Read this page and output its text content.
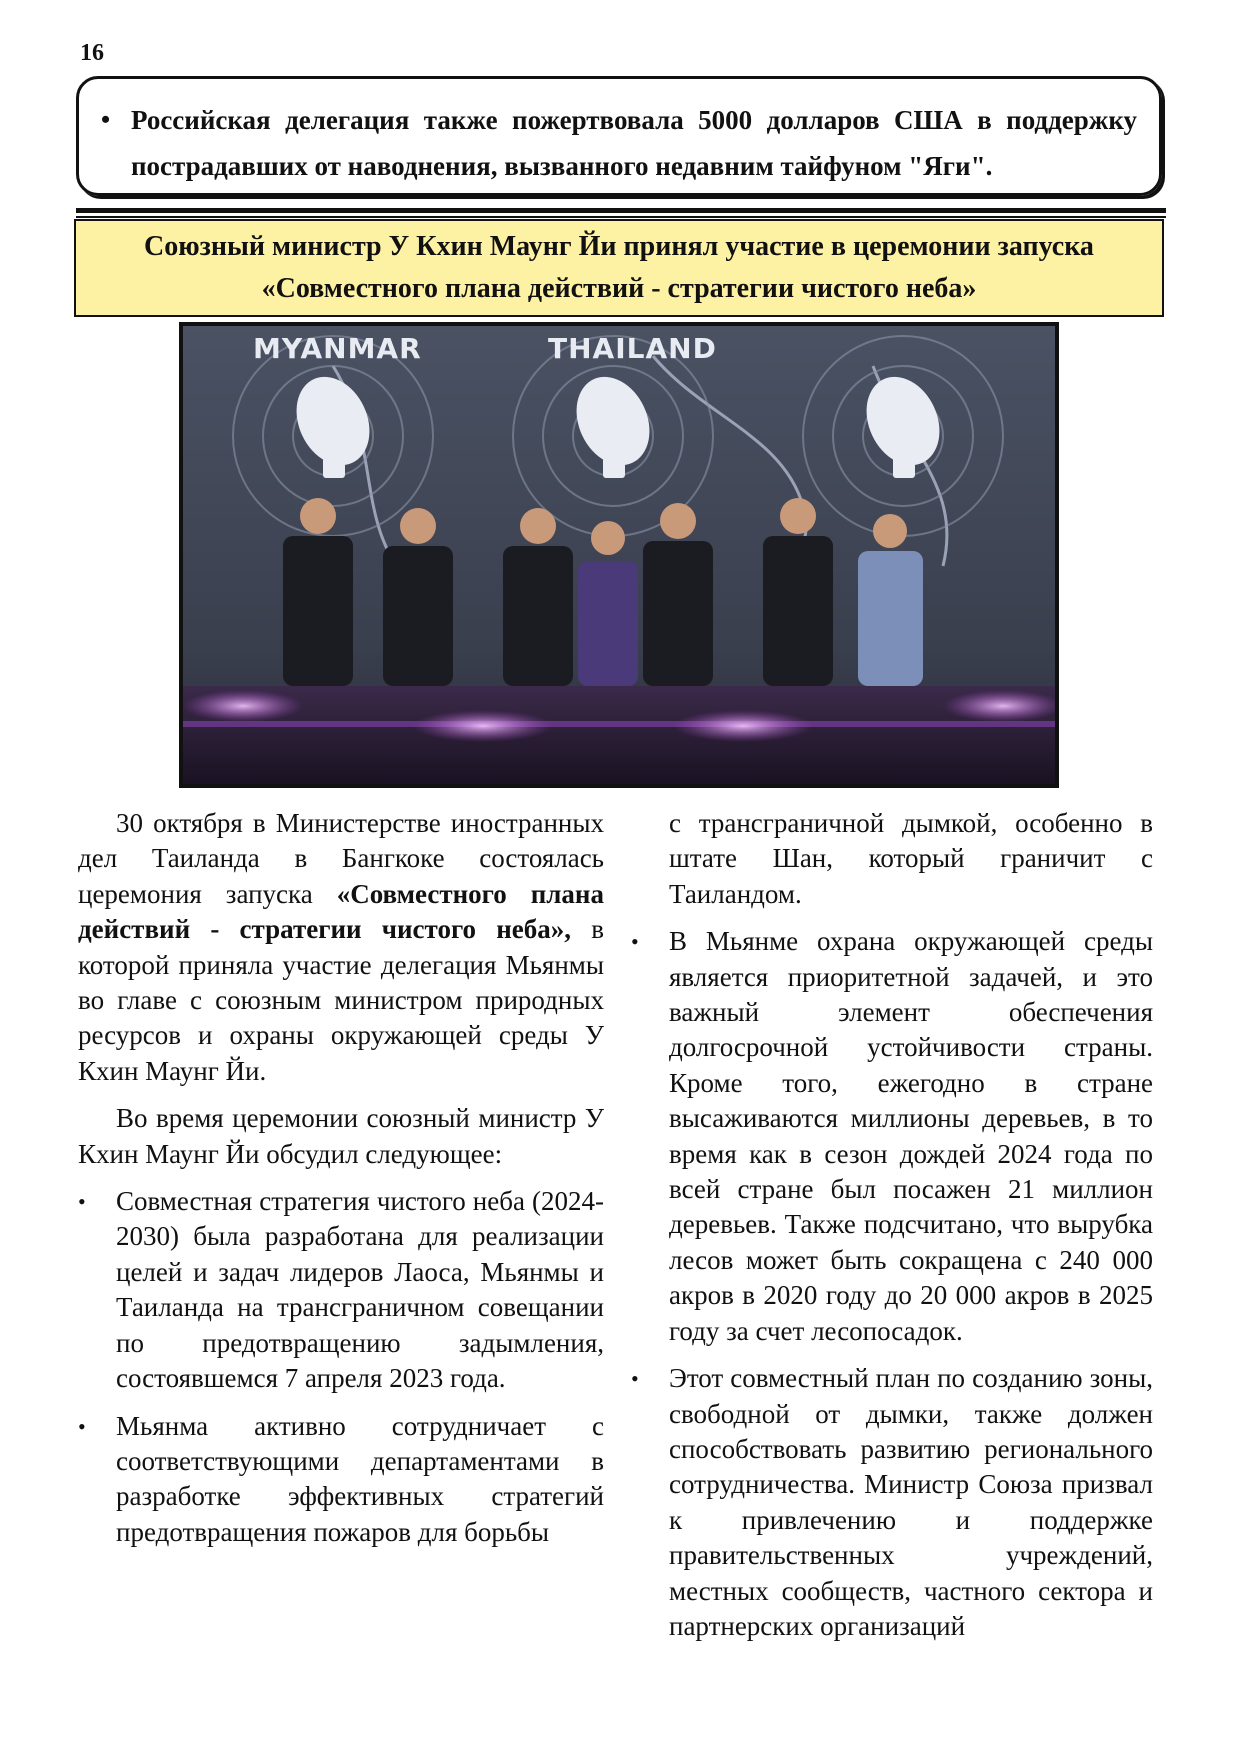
16
• Российская делегация также пожертвовала 5000 долларов США в поддержку пострадавших от наводнения, вызванного недавним тайфуном "Яги".
Союзный министр У Кхин Маунг Йи принял участие в церемонии запуска «Совместного плана действий - стратегии чистого неба»
MYANMAR	THAILAND

30 октября в Министерстве иностранных дел Таиланда в Бангкоке состоялась церемония запуска «Совместного плана действий - стратегии чистого неба», в которой приняла участие делегация Мьянмы во главе с союзным министром природных ресурсов и охраны окружающей среды У Кхин Маунг Йи.

Во время церемонии союзный министр У Кхин Маунг Йи обсудил следующее:

•	Совместная стратегия чистого неба (2024-2030) была разработана для реализации целей и задач лидеров Лаоса, Мьянмы и Таиланда на трансграничном совещании по предотвращению задымления, состоявшемся 7 апреля 2023 года.
•	Мьянма активно сотрудничает с соответствующими департаментами в разработке эффективных стратегий предотвращения пожаров для борьбы
с трансграничной дымкой, особенно в штате Шан, который граничит с Таиландом.
•	В Мьянме охрана окружающей среды является приоритетной задачей, и это важный элемент обеспечения долгосрочной устойчивости страны. Кроме того, ежегодно в стране высаживаются миллионы деревьев, в то время как в сезон дождей 2024 года по всей стране был посажен 21 миллион деревьев. Также подсчитано, что вырубка лесов может быть сокращена с 240 000 акров в 2020 году до 20 000 акров в 2025 году за счет лесопосадок.
•	Этот совместный план по созданию зоны, свободной от дымки, также должен способствовать развитию регионального сотрудничества. Министр Союза призвал к привлечению и поддержке правительственных учреждений, местных сообществ, частного сектора и партнерских организаций
